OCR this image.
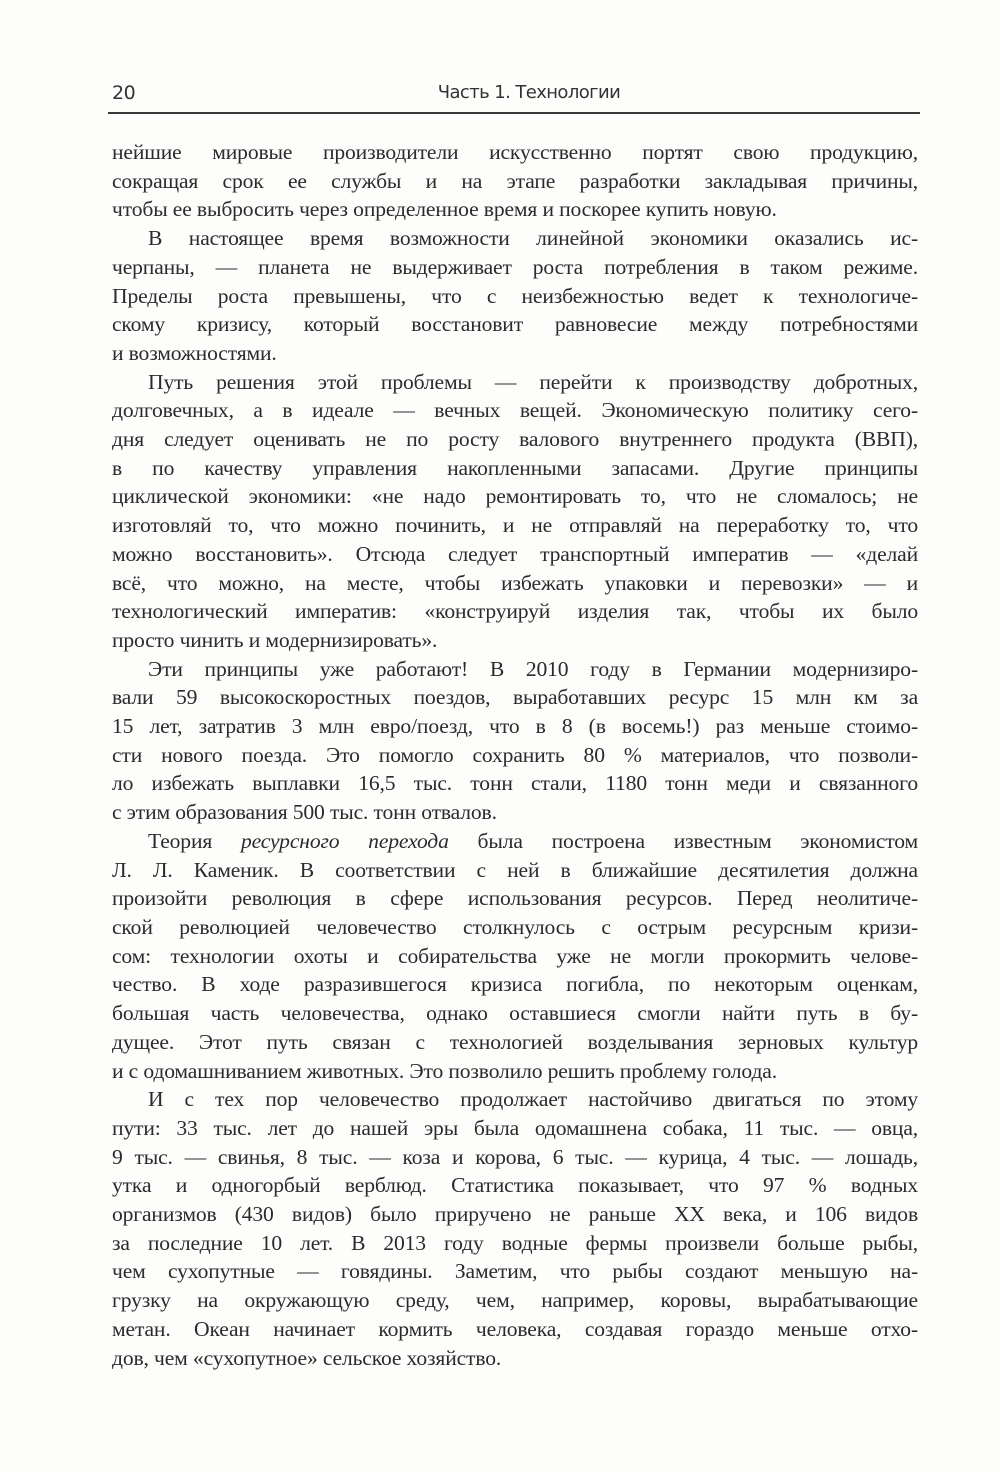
20	Часть 1. Технологии

нейшие мировые производители искусственно портят свою продукцию,
сокращая срок ее службы и на этапе разработки закладывая причины,
чтобы ее выбросить через определенное время и поскорее купить новую.

В настоящее время возможности линейной экономики оказались ис-
черпаны, — планета не выдерживает роста потребления в таком режиме.
Пределы роста превышены, что с неизбежностью ведет к технологиче-
скому кризису, который восстановит равновесие между потребностями
и возможностями.

Путь решения этой проблемы — перейти к производству добротных,
долговечных, а в идеале — вечных вещей. Экономическую политику сего-
дня следует оценивать не по росту валового внутреннего продукта (ВВП),
в по качеству управления накопленными запасами. Другие принципы
циклической экономики: «не надо ремонтировать то, что не сломалось; не
изготовляй то, что можно починить, и не отправляй на переработку то, что
можно восстановить». Отсюда следует транспортный императив — «делай
всё, что можно, на месте, чтобы избежать упаковки и перевозки» — и
технологический императив: «конструируй изделия так, чтобы их было
просто чинить и модернизировать».

Эти принципы уже работают! В 2010 году в Германии модернизиро-
вали 59 высокоскоростных поездов, выработавших ресурс 15 млн км за
15 лет, затратив 3 млн евро/поезд, что в 8 (в восемь!) раз меньше стоимо-
сти нового поезда. Это помогло сохранить 80 % материалов, что позволи-
ло избежать выплавки 16,5 тыс. тонн стали, 1180 тонн меди и связанного
с этим образования 500 тыс. тонн отвалов.

Теория ресурсного перехода была построена известным экономистом
Л. Л. Каменик. В соответствии с ней в ближайшие десятилетия должна
произойти революция в сфере использования ресурсов. Перед неолитиче-
ской революцией человечество столкнулось с острым ресурсным кризи-
сом: технологии охоты и собирательства уже не могли прокормить челове-
чество. В ходе разразившегося кризиса погибла, по некоторым оценкам,
большая часть человечества, однако оставшиеся смогли найти путь в бу-
дущее. Этот путь связан с технологией возделывания зерновых культур
и с одомашниванием животных. Это позволило решить проблему голода.

И с тех пор человечество продолжает настойчиво двигаться по этому
пути: 33 тыс. лет до нашей эры была одомашнена собака, 11 тыс. — овца,
9 тыс. — свинья, 8 тыс. — коза и корова, 6 тыс. — курица, 4 тыс. — лошадь,
утка и одногорбый верблюд. Статистика показывает, что 97 % водных
организмов (430 видов) было приручено не раньше XX века, и 106 видов
за последние 10 лет. В 2013 году водные фермы произвели больше рыбы,
чем сухопутные — говядины. Заметим, что рыбы создают меньшую на-
грузку на окружающую среду, чем, например, коровы, вырабатывающие
метан. Океан начинает кормить человека, создавая гораздо меньше отхо-
дов, чем «сухопутное» сельское хозяйство.
